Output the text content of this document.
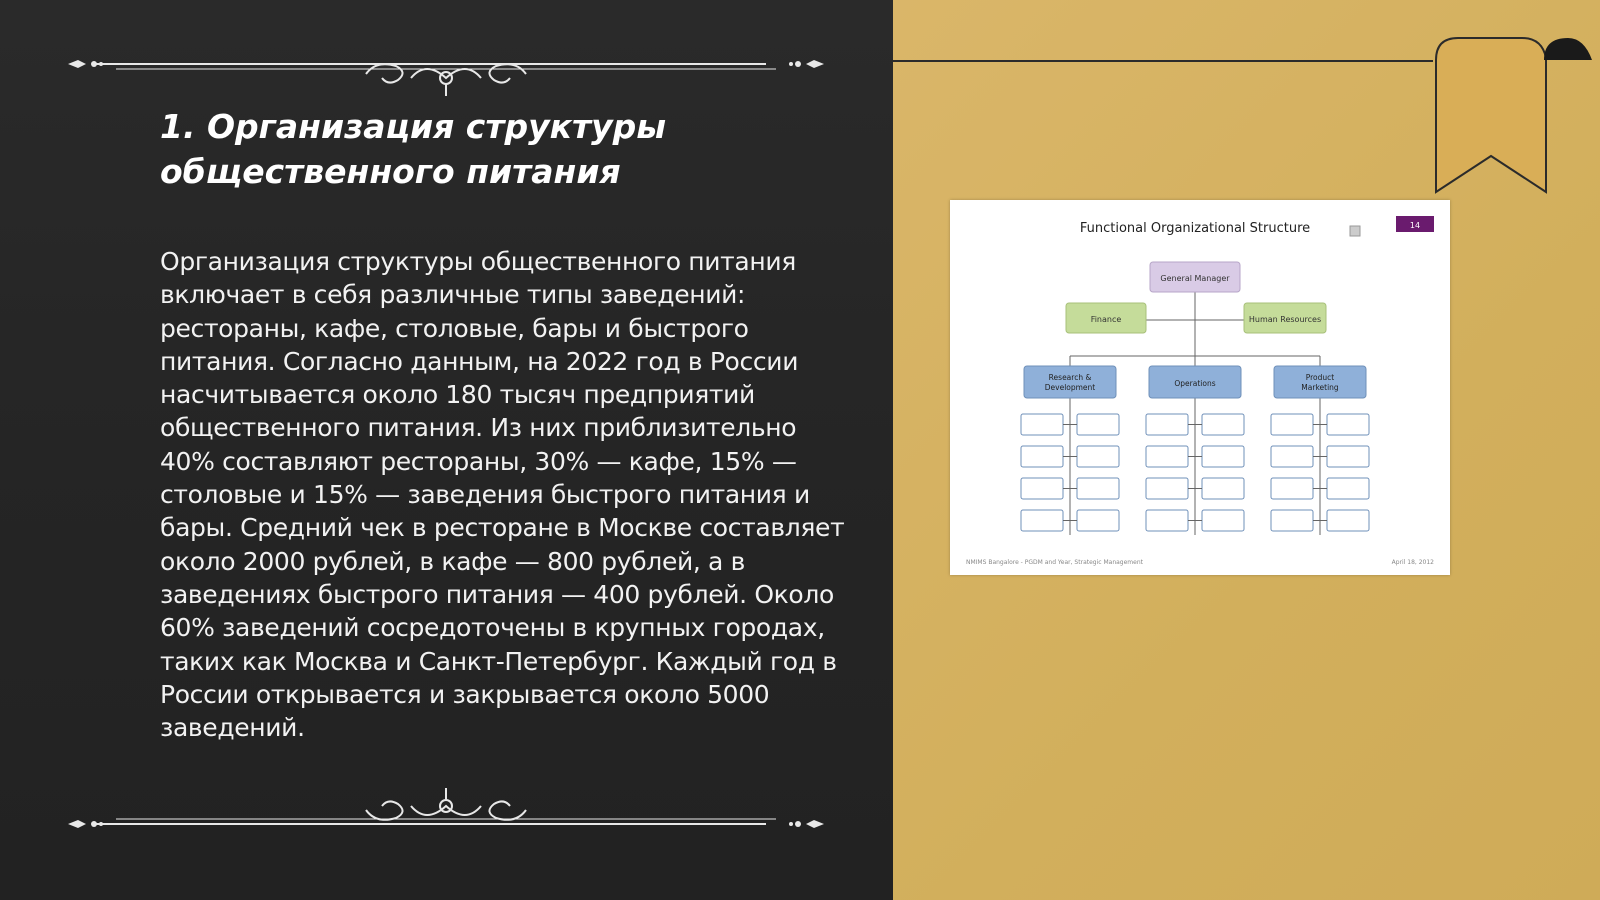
1. Организация структуры общественного питания

Организация структуры общественного питания включает в себя различные типы заведений: рестораны, кафе, столовые, бары и быстрого питания. Согласно данным, на 2022 год в России насчитывается около 180 тысяч предприятий общественного питания. Из них приблизительно 40% составляют рестораны, 30% — кафе, 15% — столовые и 15% — заведения быстрого питания и бары. Средний чек в ресторане в Москве составляет около 2000 рублей, в кафе — 800 рублей, а в заведениях быстрого питания — 400 рублей. Около 60% заведений сосредоточены в крупных городах, таких как Москва и Санкт-Петербург. Каждый год в России открывается и закрывается около 5000 заведений.

Functional Organizational Structure	14
General Manager
Finance	Human Resources
Research &
Development	Operations
Product
Marketing
NMIMS Bangalore - PGDM and Year, Strategic Management	April 18, 2012
